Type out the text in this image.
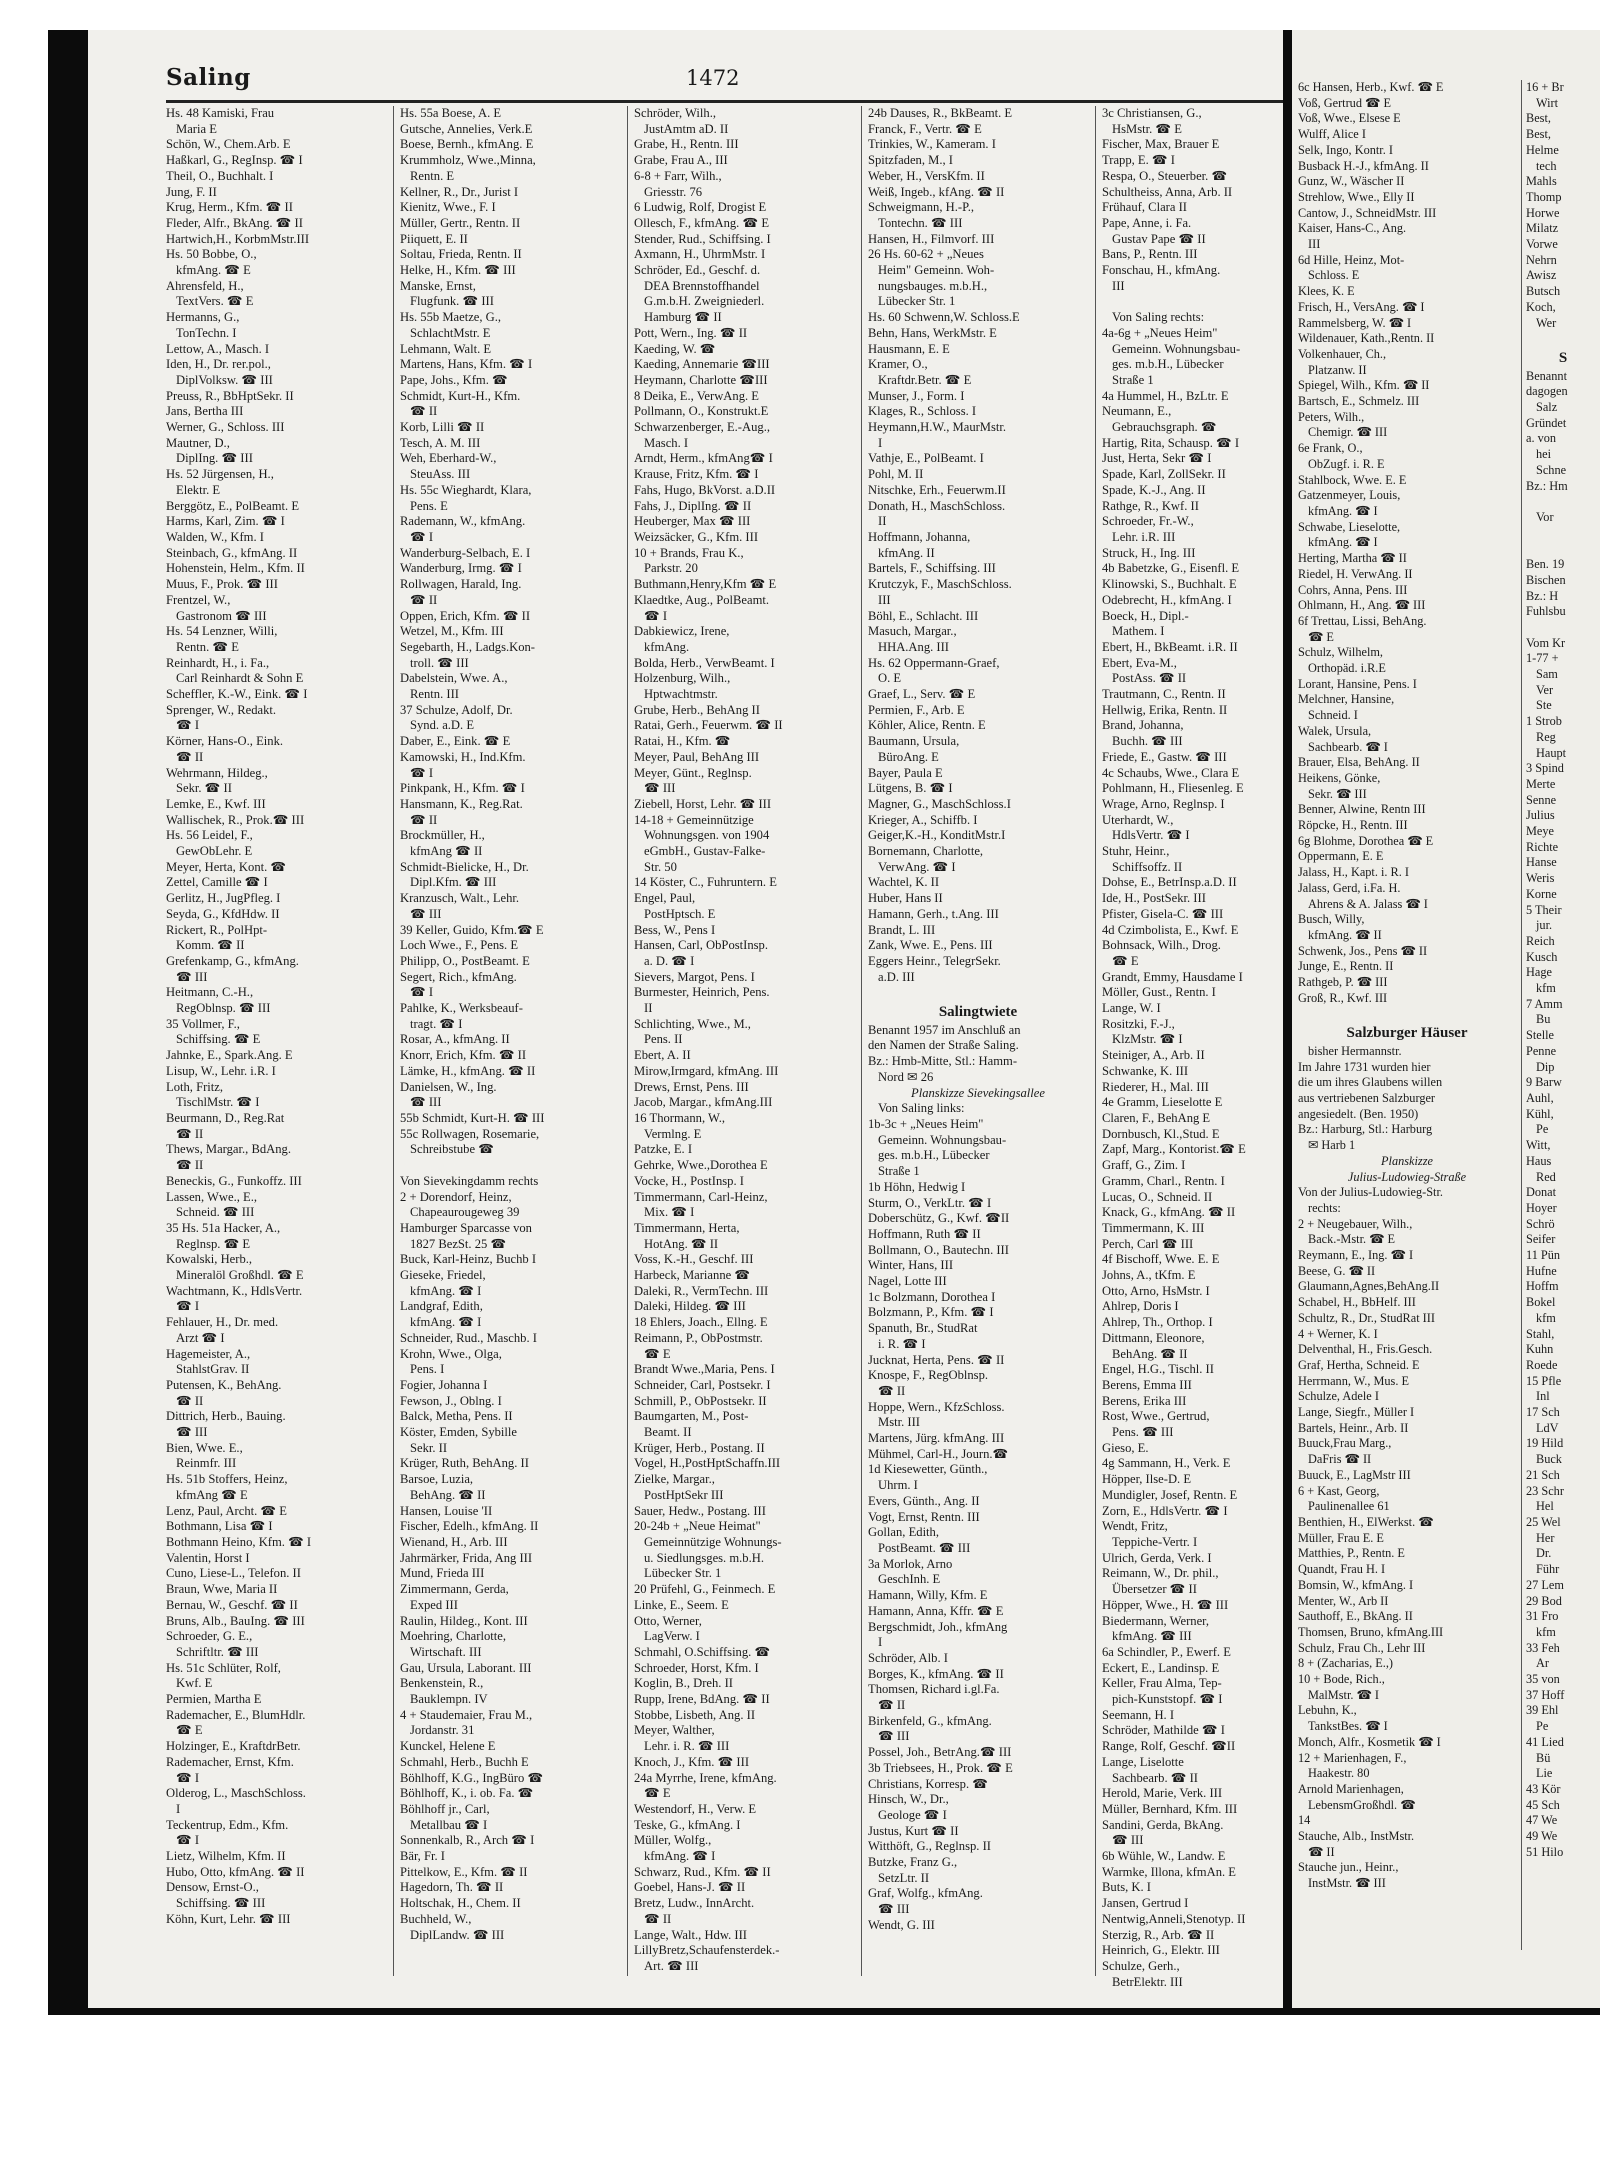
Saling	1472
Hs. 48 Kamiski, Frau
Maria E
Schön, W., Chem.Arb. E
Haßkarl, G., RegInsp. ☎ I
Theil, O., Buchhalt. I
Jung, F. II
Krug, Herm., Kfm. ☎ II
Fleder, Alfr., BkAng. ☎ II
Hartwich,H., KorbmMstr.III
Hs. 50 Bobbe, O.,
kfmAng. ☎ E
Ahrensfeld, H.,
TextVers. ☎ E
Hermanns, G.,
TonTechn. I
Lettow, A., Masch. I
Iden, H., Dr. rer.pol.,
DiplVolksw. ☎ III
Preuss, R., BbHptSekr. II
Jans, Bertha III
Werner, G., Schloss. III
Mautner, D.,
DiplIng. ☎ III
Hs. 52 Jürgensen, H.,
Elektr. E
Berggötz, E., PolBeamt. E
Harms, Karl, Zim. ☎ I
Walden, W., Kfm. I
Steinbach, G., kfmAng. II
Hohenstein, Helm., Kfm. II
Muus, F., Prok. ☎ III
Frentzel, W.,
Gastronom ☎ III
Hs. 54 Lenzner, Willi,
Rentn. ☎ E
Reinhardt, H., i. Fa.,
Carl Reinhardt & Sohn E
Scheffler, K.-W., Eink. ☎ I
Sprenger, W., Redakt.
☎ I
Körner, Hans-O., Eink.
☎ II
Wehrmann, Hildeg.,
Sekr. ☎ II
Lemke, E., Kwf. III
Wallischek, R., Prok.☎ III
Hs. 56 Leidel, F.,
GewObLehr. E
Meyer, Herta, Kont. ☎
Zettel, Camille ☎ I
Gerlitz, H., JugPfleg. I
Seyda, G., KfdHdw. II
Rickert, R., PolHpt-
Komm. ☎ II
Grefenkamp, G., kfmAng.
☎ III
Heitmann, C.-H.,
RegOblnsp. ☎ III
35 Vollmer, F.,
Schiffsing. ☎ E
Jahnke, E., Spark.Ang. E
Lisup, W., Lehr. i.R. I
Loth, Fritz,
TischlMstr. ☎ I
Beurmann, D., Reg.Rat
☎ II
Thews, Margar., BdAng.
☎ II
Beneckis, G., Funkoffz. III
Lassen, Wwe., E.,
Schneid. ☎ III
35 Hs. 51a Hacker, A.,
Reglnsp. ☎ E
Kowalski, Herb.,
Mineralöl Großhdl. ☎ E
Wachtmann, K., HdlsVertr.
☎ I
Fehlauer, H., Dr. med.
Arzt ☎ I
Hagemeister, A.,
StahlstGrav. II
Putensen, K., BehAng.
☎ II
Dittrich, Herb., Bauing.
☎ III
Bien, Wwe. E.,
Reinmfr. III
Hs. 51b Stoffers, Heinz,
kfmAng ☎ E
Lenz, Paul, Archt. ☎ E
Bothmann, Lisa ☎ I
Bothmann Heino, Kfm. ☎ I
Valentin, Horst I
Cuno, Liese-L., Telefon. II
Braun, Wwe, Maria II
Bernau, W., Geschf. ☎ II
Bruns, Alb., BauIng. ☎ III
Schroeder, G. E.,
Schriftltr. ☎ III
Hs. 51c Schlüter, Rolf,
Kwf. E
Permien, Martha E
Rademacher, E., BlumHdlr.
☎ E
Holzinger, E., KraftdrBetr.
Rademacher, Ernst, Kfm.
☎ I
Olderog, L., MaschSchloss.
I
Teckentrup, Edm., Kfm.
☎ I
Lietz, Wilhelm, Kfm. II
Hubo, Otto, kfmAng. ☎ II
Densow, Ernst-O.,
Schiffsing. ☎ III
Köhn, Kurt, Lehr. ☎ III
Hs. 55a Boese, A. E
Gutsche, Annelies, Verk.E
Boese, Bernh., kfmAng. E
Krummholz, Wwe.,Minna,
Rentn. E
Kellner, R., Dr., Jurist I
Kienitz, Wwe., F. I
Müller, Gertr., Rentn. II
Piiquett, E. II
Soltau, Frieda, Rentn. II
Helke, H., Kfm. ☎ III
Manske, Ernst,
Flugfunk. ☎ III
Hs. 55b Maetze, G.,
SchlachtMstr. E
Lehmann, Walt. E
Martens, Hans, Kfm. ☎ I
Pape, Johs., Kfm. ☎
Schmidt, Kurt-H., Kfm.
☎ II
Korb, Lilli ☎ II
Tesch, A. M. III
Weh, Eberhard-W.,
SteuAss. III
Hs. 55c Wieghardt, Klara,
Pens. E
Rademann, W., kfmAng.
☎ I
Wanderburg-Selbach, E. I
Wanderburg, Irmg. ☎ I
Rollwagen, Harald, Ing.
☎ II
Oppen, Erich, Kfm. ☎ II
Wetzel, M., Kfm. III
Segebarth, H., Ladgs.Kon-
troll. ☎ III
Dabelstein, Wwe. A.,
Rentn. III
37 Schulze, Adolf, Dr.
Synd. a.D. E
Daber, E., Eink. ☎ E
Kamowski, H., Ind.Kfm.
☎ I
Pinkpank, H., Kfm. ☎ I
Hansmann, K., Reg.Rat.
☎ II
Brockmüller, H.,
kfmAng ☎ II
Schmidt-Bielicke, H., Dr.
Dipl.Kfm. ☎ III
Kranzusch, Walt., Lehr.
☎ III
39 Keller, Guido, Kfm.☎ E
Loch Wwe., F., Pens. E
Philipp, O., PostBeamt. E
Segert, Rich., kfmAng.
☎ I
Pahlke, K., Werksbeauf-
tragt. ☎ I
Rosar, A., kfmAng. II
Knorr, Erich, Kfm. ☎ II
Lämke, H., kfmAng. ☎ II
Danielsen, W., Ing.
☎ III
55b Schmidt, Kurt-H. ☎ III
55c Rollwagen, Rosemarie,
Schreibstube ☎

Von Sievekingdamm rechts
2 + Dorendorf, Heinz,
Chapeaurougeweg 39
Hamburger Sparcasse von
1827 BezSt. 25 ☎
Buck, Karl-Heinz, Buchb I
Gieseke, Friedel,
kfmAng. ☎ I
Landgraf, Edith,
kfmAng. ☎ I
Schneider, Rud., Maschb. I
Krohn, Wwe., Olga,
Pens. I
Fogier, Johanna I
Fewson, J., Oblng. I
Balck, Metha, Pens. II
Köster, Emden, Sybille
Sekr. II
Krüger, Ruth, BehAng. II
Barsoe, Luzia,
BehAng. ☎ II
Hansen, Louise 'II
Fischer, Edelh., kfmAng. II
Wienand, H., Arb. III
Jahrmärker, Frida, Ang III
Mund, Frieda III
Zimmermann, Gerda,
Exped III
Raulin, Hildeg., Kont. III
Moehring, Charlotte,
Wirtschaft. III
Gau, Ursula, Laborant. III
Benkenstein, R.,
Bauklempn. IV
4 + Staudemaier, Frau M.,
Jordanstr. 31
Kunckel, Helene E
Schmahl, Herb., Buchh E
Böhlhoff, K.G., IngBüro ☎
Böhlhoff, K., i. ob. Fa. ☎
Böhlhoff jr., Carl,
Metallbau ☎ I
Sonnenkalb, R., Arch ☎ I
Bär, Fr. I
Pittelkow, E., Kfm. ☎ II
Hagedorn, Th. ☎ II
Holtschak, H., Chem. II
Buchheld, W.,
DiplLandw. ☎ III
Schröder, Wilh.,
JustAmtm aD. II
Grabe, H., Rentn. III
Grabe, Frau A., III
6-8 + Farr, Wilh.,
Griesstr. 76
6 Ludwig, Rolf, Drogist E
Ollesch, F., kfmAng. ☎ E
Stender, Rud., Schiffsing. I
Axmann, H., UhrmMstr. I
Schröder, Ed., Geschf. d.
DEA Brennstoffhandel
G.m.b.H. Zweigniederl.
Hamburg ☎ II
Pott, Wern., Ing. ☎ II
Kaeding, W. ☎
Kaeding, Annemarie ☎III
Heymann, Charlotte ☎III
8 Deika, E., VerwAng. E
Pollmann, O., Konstrukt.E
Schwarzenberger, E.-Aug.,
Masch. I
Arndt, Herm., kfmAng☎ I
Krause, Fritz, Kfm. ☎ I
Fahs, Hugo, BkVorst. a.D.II
Fahs, J., DiplIng. ☎ II
Heuberger, Max ☎ III
Weizsäcker, G., Kfm. III
10 + Brands, Frau K.,
Parkstr. 20
Buthmann,Henry,Kfm ☎ E
Klaedtke, Aug., PolBeamt.
☎ I
Dabkiewicz, Irene,
kfmAng.
Bolda, Herb., VerwBeamt. I
Holzenburg, Wilh.,
Hptwachtmstr.
Grube, Herb., BehAng II
Ratai, Gerh., Feuerwm. ☎ II
Ratai, H., Kfm. ☎
Meyer, Paul, BehAng III
Meyer, Günt., Reglnsp.
☎ III
Ziebell, Horst, Lehr. ☎ III
14-18 + Gemeinnützige
Wohnungsgen. von 1904
eGmbH., Gustav-Falke-
Str. 50
14 Köster, C., Fuhruntern. E
Engel, Paul,
PostHptsch. E
Bess, W., Pens I
Hansen, Carl, ObPostInsp.
a. D. ☎ I
Sievers, Margot, Pens. I
Burmester, Heinrich, Pens.
II
Schlichting, Wwe., M.,
Pens. II
Ebert, A. II
Mirow,Irmgard, kfmAng. III
Drews, Ernst, Pens. III
Jacob, Margar., kfmAng.III
16 Thormann, W.,
Vermlng. E
Patzke, E. I
Gehrke, Wwe.,Dorothea E
Vocke, H., PostInsp. I
Timmermann, Carl-Heinz,
Mix. ☎ I
Timmermann, Herta,
HotAng. ☎ II
Voss, K.-H., Geschf. III
Harbeck, Marianne ☎
Daleki, R., VermTechn. III
Daleki, Hildeg. ☎ III
18 Ehlers, Joach., Ellng. E
Reimann, P., ObPostmstr.
☎ E
Brandt Wwe.,Maria, Pens. I
Schneider, Carl, Postsekr. I
Schmill, P., ObPostsekr. II
Baumgarten, M., Post-
Beamt. II
Krüger, Herb., Postang. II
Vogel, H.,PostHptSchaffn.III
Zielke, Margar.,
PostHptSekr III
Sauer, Hedw., Postang. III
20-24b + „Neue Heimat"
Gemeinnützige Wohnungs-
u. Siedlungsges. m.b.H.
Lübecker Str. 1
20 Prüfehl, G., Feinmech. E
Linke, E., Seem. E
Otto, Werner,
LagVerw. I
Schmahl, O.Schiffsing. ☎
Schroeder, Horst, Kfm. I
Koglin, B., Dreh. II
Rupp, Irene, BdAng. ☎ II
Stobbe, Lisbeth, Ang. II
Meyer, Walther,
Lehr. i. R. ☎ III
Knoch, J., Kfm. ☎ III
24a Myrrhe, Irene, kfmAng.
☎ E
Westendorf, H., Verw. E
Teske, G., kfmAng. I
Müller, Wolfg.,
kfmAng. ☎ I
Schwarz, Rud., Kfm. ☎ II
Goebel, Hans-J. ☎ II
Bretz, Ludw., InnArcht.
☎ II
Lange, Walt., Hdw. III
LillyBretz,Schaufensterdek.-
Art. ☎ III
24b Dauses, R., BkBeamt. E
Franck, F., Vertr. ☎ E
Trinkies, W., Kameram. I
Spitzfaden, M., I
Weber, H., VersKfm. II
Weiß, Ingeb., kfAng. ☎ II
Schweigmann, H.-P.,
Tontechn. ☎ III
Hansen, H., Filmvorf. III
26 Hs. 60-62 + „Neues
Heim" Gemeinn. Woh-
nungsbauges. m.b.H.,
Lübecker Str. 1
Hs. 60 Schwenn,W. Schloss.E
Behn, Hans, WerkMstr. E
Hausmann, E. E
Kramer, O.,
Kraftdr.Betr. ☎ E
Munser, J., Form. I
Klages, R., Schloss. I
Heymann,H.W., MaurMstr.
I
Vathje, E., PolBeamt. I
Pohl, M. II
Nitschke, Erh., Feuerwm.II
Donath, H., MaschSchloss.
II
Hoffmann, Johanna,
kfmAng. II
Bartels, F., Schiffsing. III
Krutczyk, F., MaschSchloss.
III
Böhl, E., Schlacht. III
Masuch, Margar.,
HHA.Ang. III
Hs. 62 Oppermann-Graef,
O. E
Graef, L., Serv. ☎ E
Permien, F., Arb. E
Köhler, Alice, Rentn. E
Baumann, Ursula,
BüroAng. E
Bayer, Paula E
Lütgens, B. ☎ I
Magner, G., MaschSchloss.I
Krieger, A., Schiffb. I
Geiger,K.-H., KonditMstr.I
Bornemann, Charlotte,
VerwAng. ☎ I
Wachtel, K. II
Huber, Hans II
Hamann, Gerh., t.Ang. III
Brandt, L. III
Zank, Wwe. E., Pens. III
Eggers Heinr., TelegrSekr.
a.D. III

Salingtwiete
Benannt 1957 im Anschluß an
den Namen der Straße Saling.
Bz.: Hmb-Mitte, Stl.: Hamm-
Nord ✉ 26
Planskizze Sievekingsallee
Von Saling links:
1b-3c + „Neues Heim"
Gemeinn. Wohnungsbau-
ges. m.b.H., Lübecker
Straße 1
1b Höhn, Hedwig I
Sturm, O., VerkLtr. ☎ I
Doberschütz, G., Kwf. ☎II
Hoffmann, Ruth ☎ II
Bollmann, O., Bautechn. III
Winter, Hans, III
Nagel, Lotte III
1c Bolzmann, Dorothea I
Bolzmann, P., Kfm. ☎ I
Spanuth, Br., StudRat
i. R. ☎ I
Jucknat, Herta, Pens. ☎ II
Knospe, F., RegOblnsp.
☎ II
Hoppe, Wern., KfzSchloss.
Mstr. III
Martens, Jürg. kfmAng. III
Mühmel, Carl-H., Journ.☎
1d Kiesewetter, Günth.,
Uhrm. I
Evers, Günth., Ang. II
Vogt, Ernst, Rentn. III
Gollan, Edith,
PostBeamt. ☎ III
3a Morlok, Arno
GeschInh. E
Hamann, Willy, Kfm. E
Hamann, Anna, Kffr. ☎ E
Bergschmidt, Joh., kfmAng
I
Schröder, Alb. I
Borges, K., kfmAng. ☎ II
Thomsen, Richard i.gl.Fa.
☎ II
Birkenfeld, G., kfmAng.
☎ III
Possel, Joh., BetrAng.☎ III
3b Triebsees, H., Prok. ☎ E
Christians, Korresp. ☎
Hinsch, W., Dr.,
Geologe ☎ I
Justus, Kurt ☎ II
Witthöft, G., Reglnsp. II
Butzke, Franz G.,
SetzLtr. II
Graf, Wolfg., kfmAng.
☎ III
Wendt, G. III
3c Christiansen, G.,
HsMstr. ☎ E
Fischer, Max, Brauer E
Trapp, E. ☎ I
Respa, O., Steuerber. ☎
Schultheiss, Anna, Arb. II
Frühauf, Clara II
Pape, Anne, i. Fa.
Gustav Pape ☎ II
Bans, P., Rentn. III
Fonschau, H., kfmAng.
III

Von Saling rechts:
4a-6g + „Neues Heim"
Gemeinn. Wohnungsbau-
ges. m.b.H., Lübecker
Straße 1
4a Hummel, H., BzLtr. E
Neumann, E.,
Gebrauchsgraph. ☎
Hartig, Rita, Schausp. ☎ I
Just, Herta, Sekr ☎ I
Spade, Karl, ZollSekr. II
Spade, K.-J., Ang. II
Rathge, R., Kwf. II
Schroeder, Fr.-W.,
Lehr. i.R. III
Struck, H., Ing. III
4b Babetzke, G., Eisenfl. E
Klinowski, S., Buchhalt. E
Odebrecht, H., kfmAng. I
Boeck, H., Dipl.-
Mathem. I
Ebert, H., BkBeamt. i.R. II
Ebert, Eva-M.,
PostAss. ☎ II
Trautmann, C., Rentn. II
Hellwig, Erika, Rentn. II
Brand, Johanna,
Buchh. ☎ III
Friede, E., Gastw. ☎ III
4c Schaubs, Wwe., Clara E
Pohlmann, H., Fliesenleg. E
Wrage, Arno, Reglnsp. I
Uterhardt, W.,
HdlsVertr. ☎ I
Stuhr, Heinr.,
Schiffsoffz. II
Dohse, E., BetrInsp.a.D. II
Ide, H., PostSekr. III
Pfister, Gisela-C. ☎ III
4d Czimbolista, E., Kwf. E
Bohnsack, Wilh., Drog.
☎ E
Grandt, Emmy, Hausdame I
Möller, Gust., Rentn. I
Lange, W. I
Rositzki, F.-J.,
KlzMstr. ☎ I
Steiniger, A., Arb. II
Schwanke, K. III
Riederer, H., Mal. III
4e Gramm, Lieselotte E
Claren, F., BehAng E
Dornbusch, Kl.,Stud. E
Zapf, Marg., Kontorist.☎ E
Graff, G., Zim. I
Gramm, Charl., Rentn. I
Lucas, O., Schneid. II
Knack, G., kfmAng. ☎ II
Timmermann, K. III
Perch, Carl ☎ III
4f Bischoff, Wwe. E. E
Johns, A., tKfm. E
Otto, Arno, HsMstr. I
Ahlrep, Doris I
Ahlrep, Th., Orthop. I
Dittmann, Eleonore,
BehAng. ☎ II
Engel, H.G., Tischl. II
Berens, Emma III
Berens, Erika III
Rost, Wwe., Gertrud,
Pens. ☎ III
Gieso, E.
4g Sammann, H., Verk. E
Höpper, Ilse-D. E
Mundigler, Josef, Rentn. E
Zorn, E., HdlsVertr. ☎ I
Wendt, Fritz,
Teppiche-Vertr. I
Ulrich, Gerda, Verk. I
Reimann, W., Dr. phil.,
Übersetzer ☎ II
Höpper, Wwe., H. ☎ III
Biedermann, Werner,
kfmAng. ☎ III
6a Schindler, P., Ewerf. E
Eckert, E., Landinsp. E
Keller, Frau Alma, Tep-
pich-Kunststopf. ☎ I
Seemann, H. I
Schröder, Mathilde ☎ I
Range, Rolf, Geschf. ☎II
Lange, Liselotte
Sachbearb. ☎ II
Herold, Marie, Verk. III
Müller, Bernhard, Kfm. III
Sandini, Gerda, BkAng.
☎ III
6b Wühle, W., Landw. E
Warmke, Illona, kfmAn. E
Buts, K. I
Jansen, Gertrud I
Nentwig,Anneli,Stenotyp. II
Sterzig, R., Arb. ☎ II
Heinrich, G., Elektr. III
Schulze, Gerh.,
BetrElektr. III
6c Hansen, Herb., Kwf. ☎ E
Voß, Gertrud ☎ E
Voß, Wwe., Elsese E
Wulff, Alice I
Selk, Ingo, Kontr. I
Busback H.-J., kfmAng. II
Gunz, W., Wäscher II
Strehlow, Wwe., Elly II
Cantow, J., SchneidMstr. III
Kaiser, Hans-C., Ang.
III
6d Hille, Heinz, Mot-
Schloss. E
Klees, K. E
Frisch, H., VersAng. ☎ I
Rammelsberg, W. ☎ I
Wildenauer, Kath.,Rentn. II
Volkenhauer, Ch.,
Platzanw. II
Spiegel, Wilh., Kfm. ☎ II
Bartsch, E., Schmelz. III
Peters, Wilh.,
Chemigr. ☎ III
6e Frank, O.,
ObZugf. i. R. E
Stahlbock, Wwe. E. E
Gatzenmeyer, Louis,
kfmAng. ☎ I
Schwabe, Lieselotte,
kfmAng. ☎ I
Herting, Martha ☎ II
Riedel, H. VerwAng. II
Cohrs, Anna, Pens. III
Ohlmann, H., Ang. ☎ III
6f Trettau, Lissi, BehAng.
☎ E
Schulz, Wilhelm,
Orthopäd. i.R.E
Lorant, Hansine, Pens. I
Melchner, Hansine,
Schneid. I
Walek, Ursula,
Sachbearb. ☎ I
Brauer, Elsa, BehAng. II
Heikens, Gönke,
Sekr. ☎ III
Benner, Alwine, Rentn III
Röpcke, H., Rentn. III
6g Blohme, Dorothea ☎ E
Oppermann, E. E
Jalass, H., Kapt. i. R. I
Jalass, Gerd, i.Fa. H.
Ahrens & A. Jalass ☎ I
Busch, Willy,
kfmAng. ☎ II
Schwenk, Jos., Pens ☎ II
Junge, E., Rentn. II
Rathgeb, P. ☎ III
Groß, R., Kwf. III

Salzburger Häuser
bisher Hermannstr.
Im Jahre 1731 wurden hier
die um ihres Glaubens willen
aus vertriebenen Salzburger
angesiedelt. (Ben. 1950)
Bz.: Harburg, Stl.: Harburg
✉ Harb 1
Planskizze
Julius-Ludowieg-Straße
Von der Julius-Ludowieg-Str.
rechts:
2 + Neugebauer, Wilh.,
Back.-Mstr. ☎ E
Reymann, E., Ing. ☎ I
Beese, G. ☎ II
Glaumann,Agnes,BehAng.II
Schabel, H., BbHelf. III
Schultz, R., Dr., StudRat III
4 + Werner, K. I
Delventhal, H., Fris.Gesch.
Graf, Hertha, Schneid. E
Herrmann, W., Mus. E
Schulze, Adele I
Lange, Siegfr., Müller I
Bartels, Heinr., Arb. II
Buuck,Frau Marg.,
DaFris ☎ II
Buuck, E., LagMstr III
6 + Kast, Georg,
Paulinenallee 61
Benthien, H., ElWerkst. ☎
Müller, Frau E. E
Matthies, P., Rentn. E
Quandt, Frau H. I
Bomsin, W., kfmAng. I
Menter, W., Arb II
Sauthoff, E., BkAng. II
Thomsen, Bruno, kfmAng.III
Schulz, Frau Ch., Lehr III
8 + (Zacharias, E.,)
10 + Bode, Rich.,
MalMstr. ☎ I
Lebuhn, K.,
TankstBes. ☎ I
Monch, Alfr., Kosmetik ☎ I
12 + Marienhagen, F.,
Haakestr. 80
Arnold Marienhagen,
LebensmGroßhdl. ☎
14
Stauche, Alb., InstMstr.
☎ II
Stauche jun., Heinr.,
InstMstr. ☎ III
16 + Br
Wirt
Best,
Best,
Helme
tech
Mahls
Thomp
Horwe
Milatz
Vorwe
Nehrn
Awisz
Butsch
Koch,
Wer

S
Benannt
dagogen
Salz
Gründet
a. von
hei
Schne
Bz.: Hm

Vor

Ben. 19
Bischen
Bz.: H
Fuhlsbu

Vom Kr
1-77 +
Sam
Ver
Ste
1 Strob
Reg
Haupt
3 Spind
Merte
Senne
Julius
Meye
Richte
Hanse
Weris
Korne
5 Their
jur.
Reich
Kusch
Hage
kfm
7 Amm
Bu
Stelle
Penne
Dip
9 Barw
Auhl,
Kühl,
Pe
Witt,
Haus
Red
Donat
Hoyer
Schrö
Seifer
11 Pün
Hufne
Hoffm
Bokel
kfm
Stahl,
Kuhn
Roede
15 Pfle
Inl
17 Sch
LdV
19 Hild
Buck
21 Sch
23 Schr
Hel
25 Wel
Her
Dr.
Führ
27 Lem
29 Bod
31 Fro
kfm
33 Feh
Ar
35 von
37 Hoff
39 Ehl
Pe
41 Lied
Bü
Lie
43 Kör
45 Sch
47 We
49 We
51 Hilo
